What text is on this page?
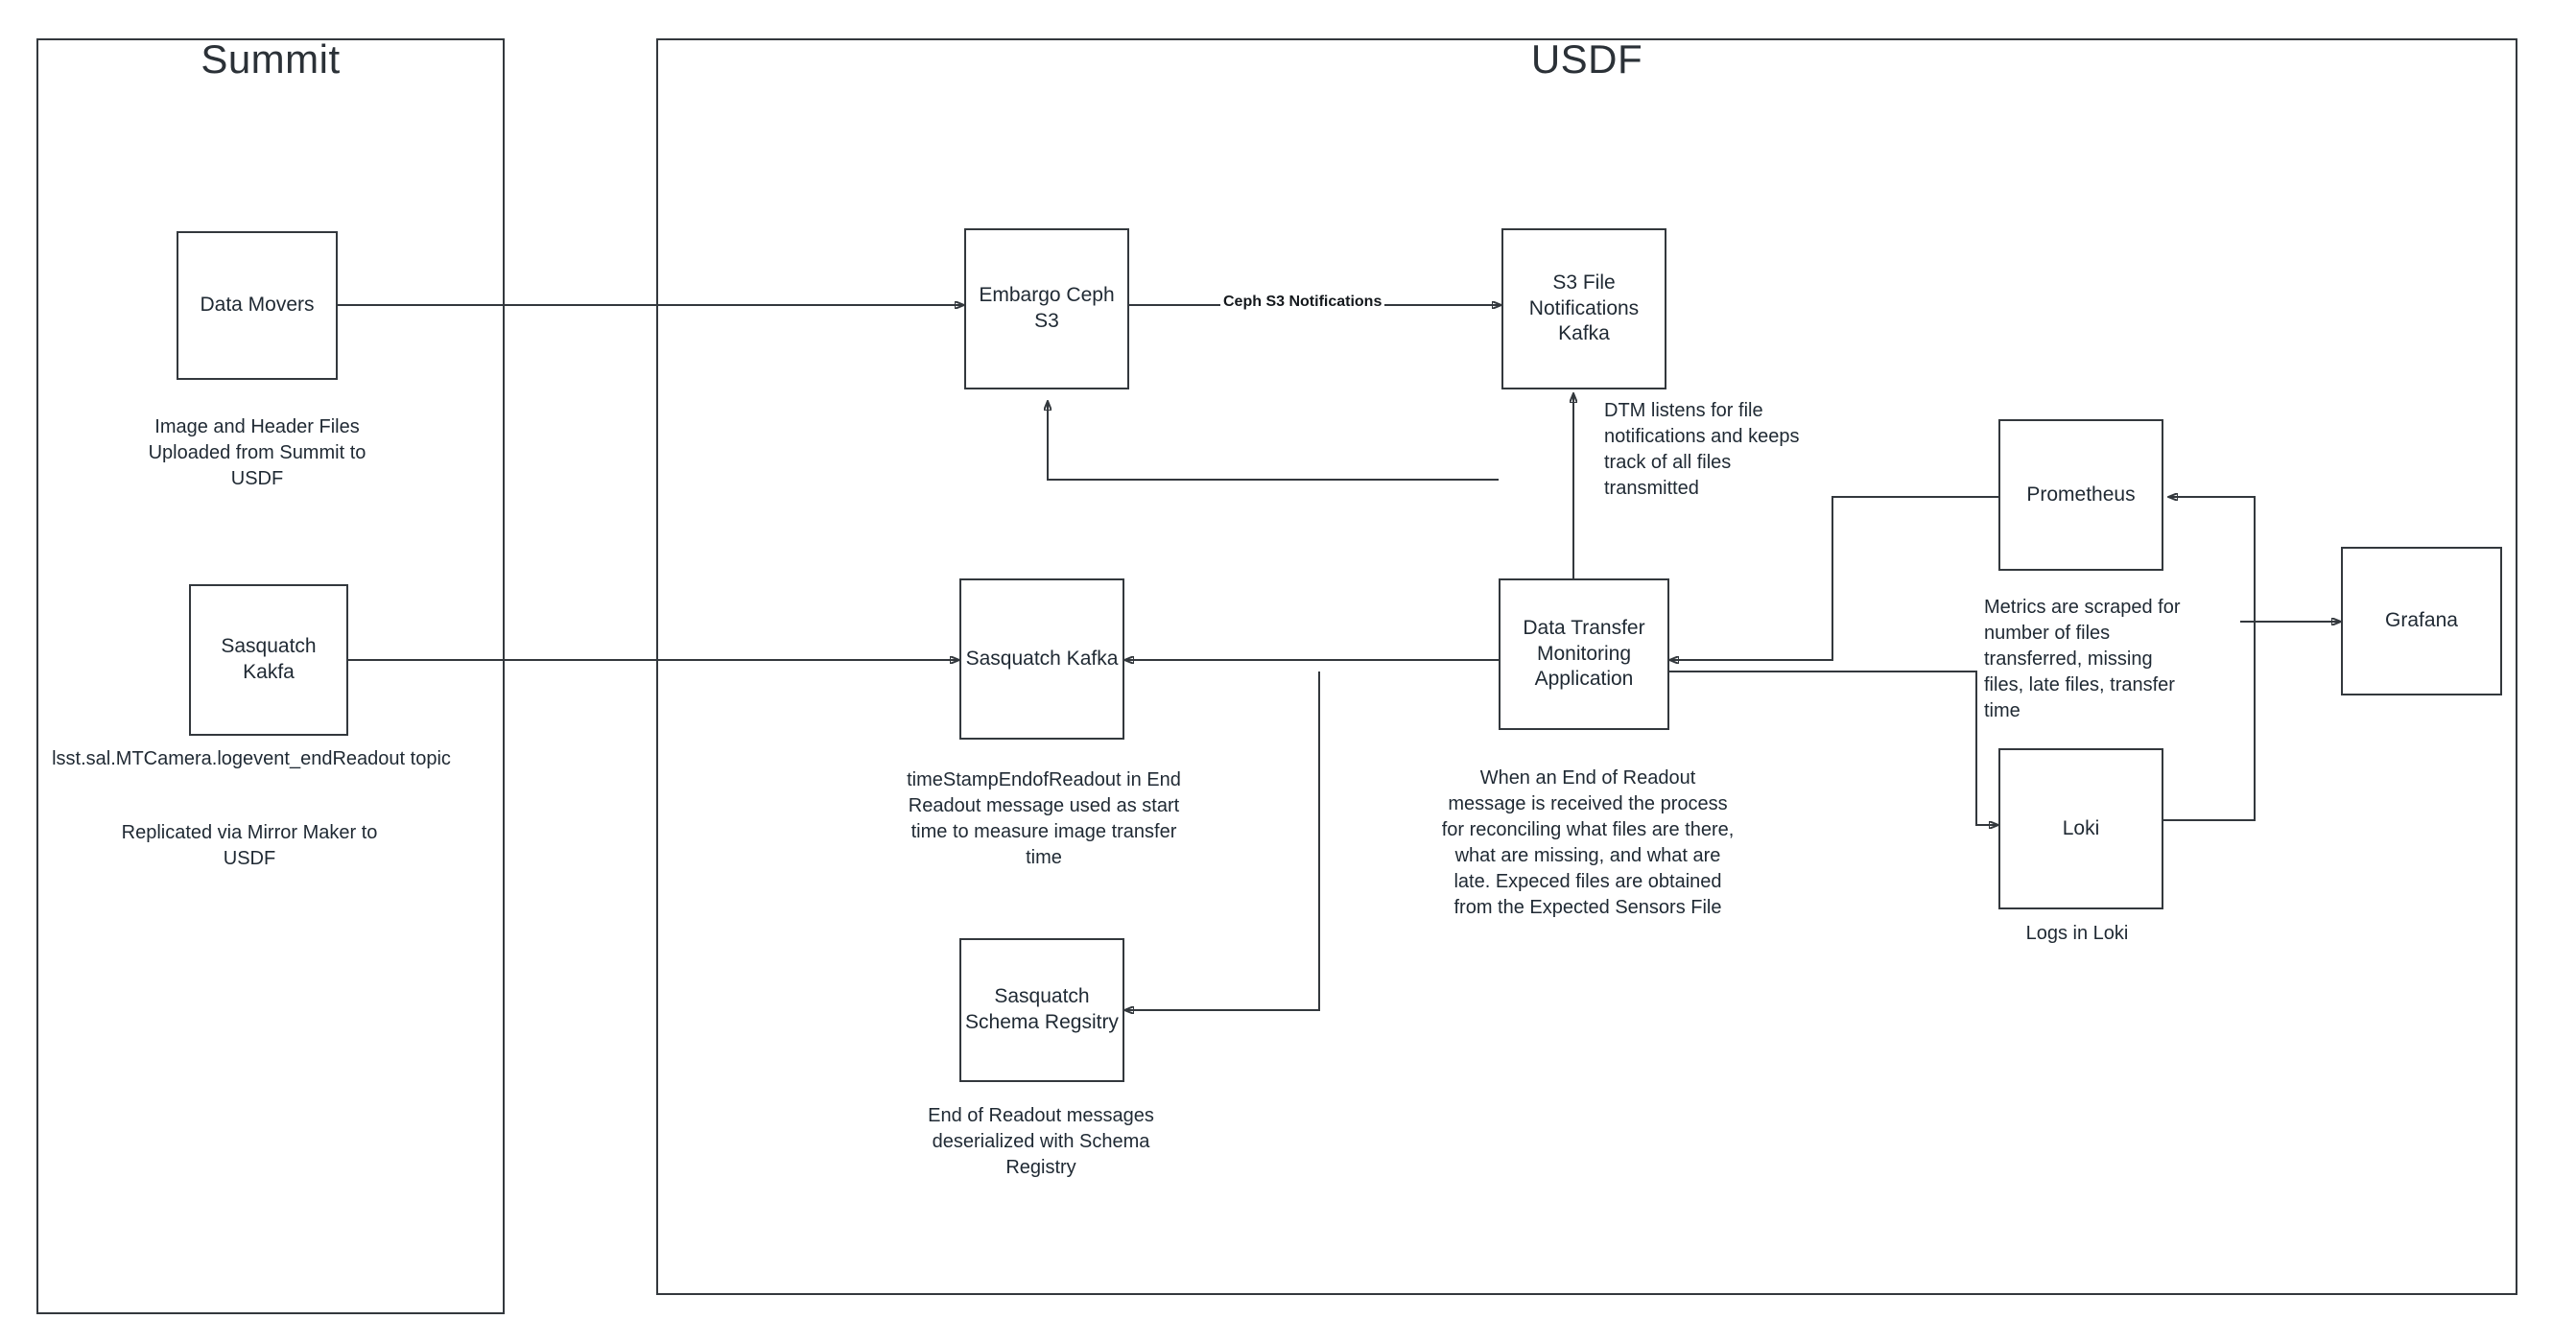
Summit	USDF
Ceph S3 Notifications
Data Movers
Sasquatch Kakfa
Embargo Ceph S3
S3 File Notifications Kafka
Sasquatch Kafka
Data Transfer Monitoring Application
Sasquatch Schema Regsitry
Prometheus
Loki
Grafana
Image and Header Files Uploaded from Summit to USDF
lsst.sal.MTCamera.logevent_endReadout topic
Replicated via Mirror Maker to USDF
timeStampEndofReadout in End Readout message used as start time to measure image transfer time
DTM listens for file notifications and keeps track of all files transmitted
When an End of Readout message is received the process for reconciling what files are there, what are missing, and what are late. Expeced files are obtained from the Expected Sensors File
End of Readout messages deserialized with Schema Registry
Metrics are scraped for number of files transferred, missing files, late files, transfer time
Logs in Loki
